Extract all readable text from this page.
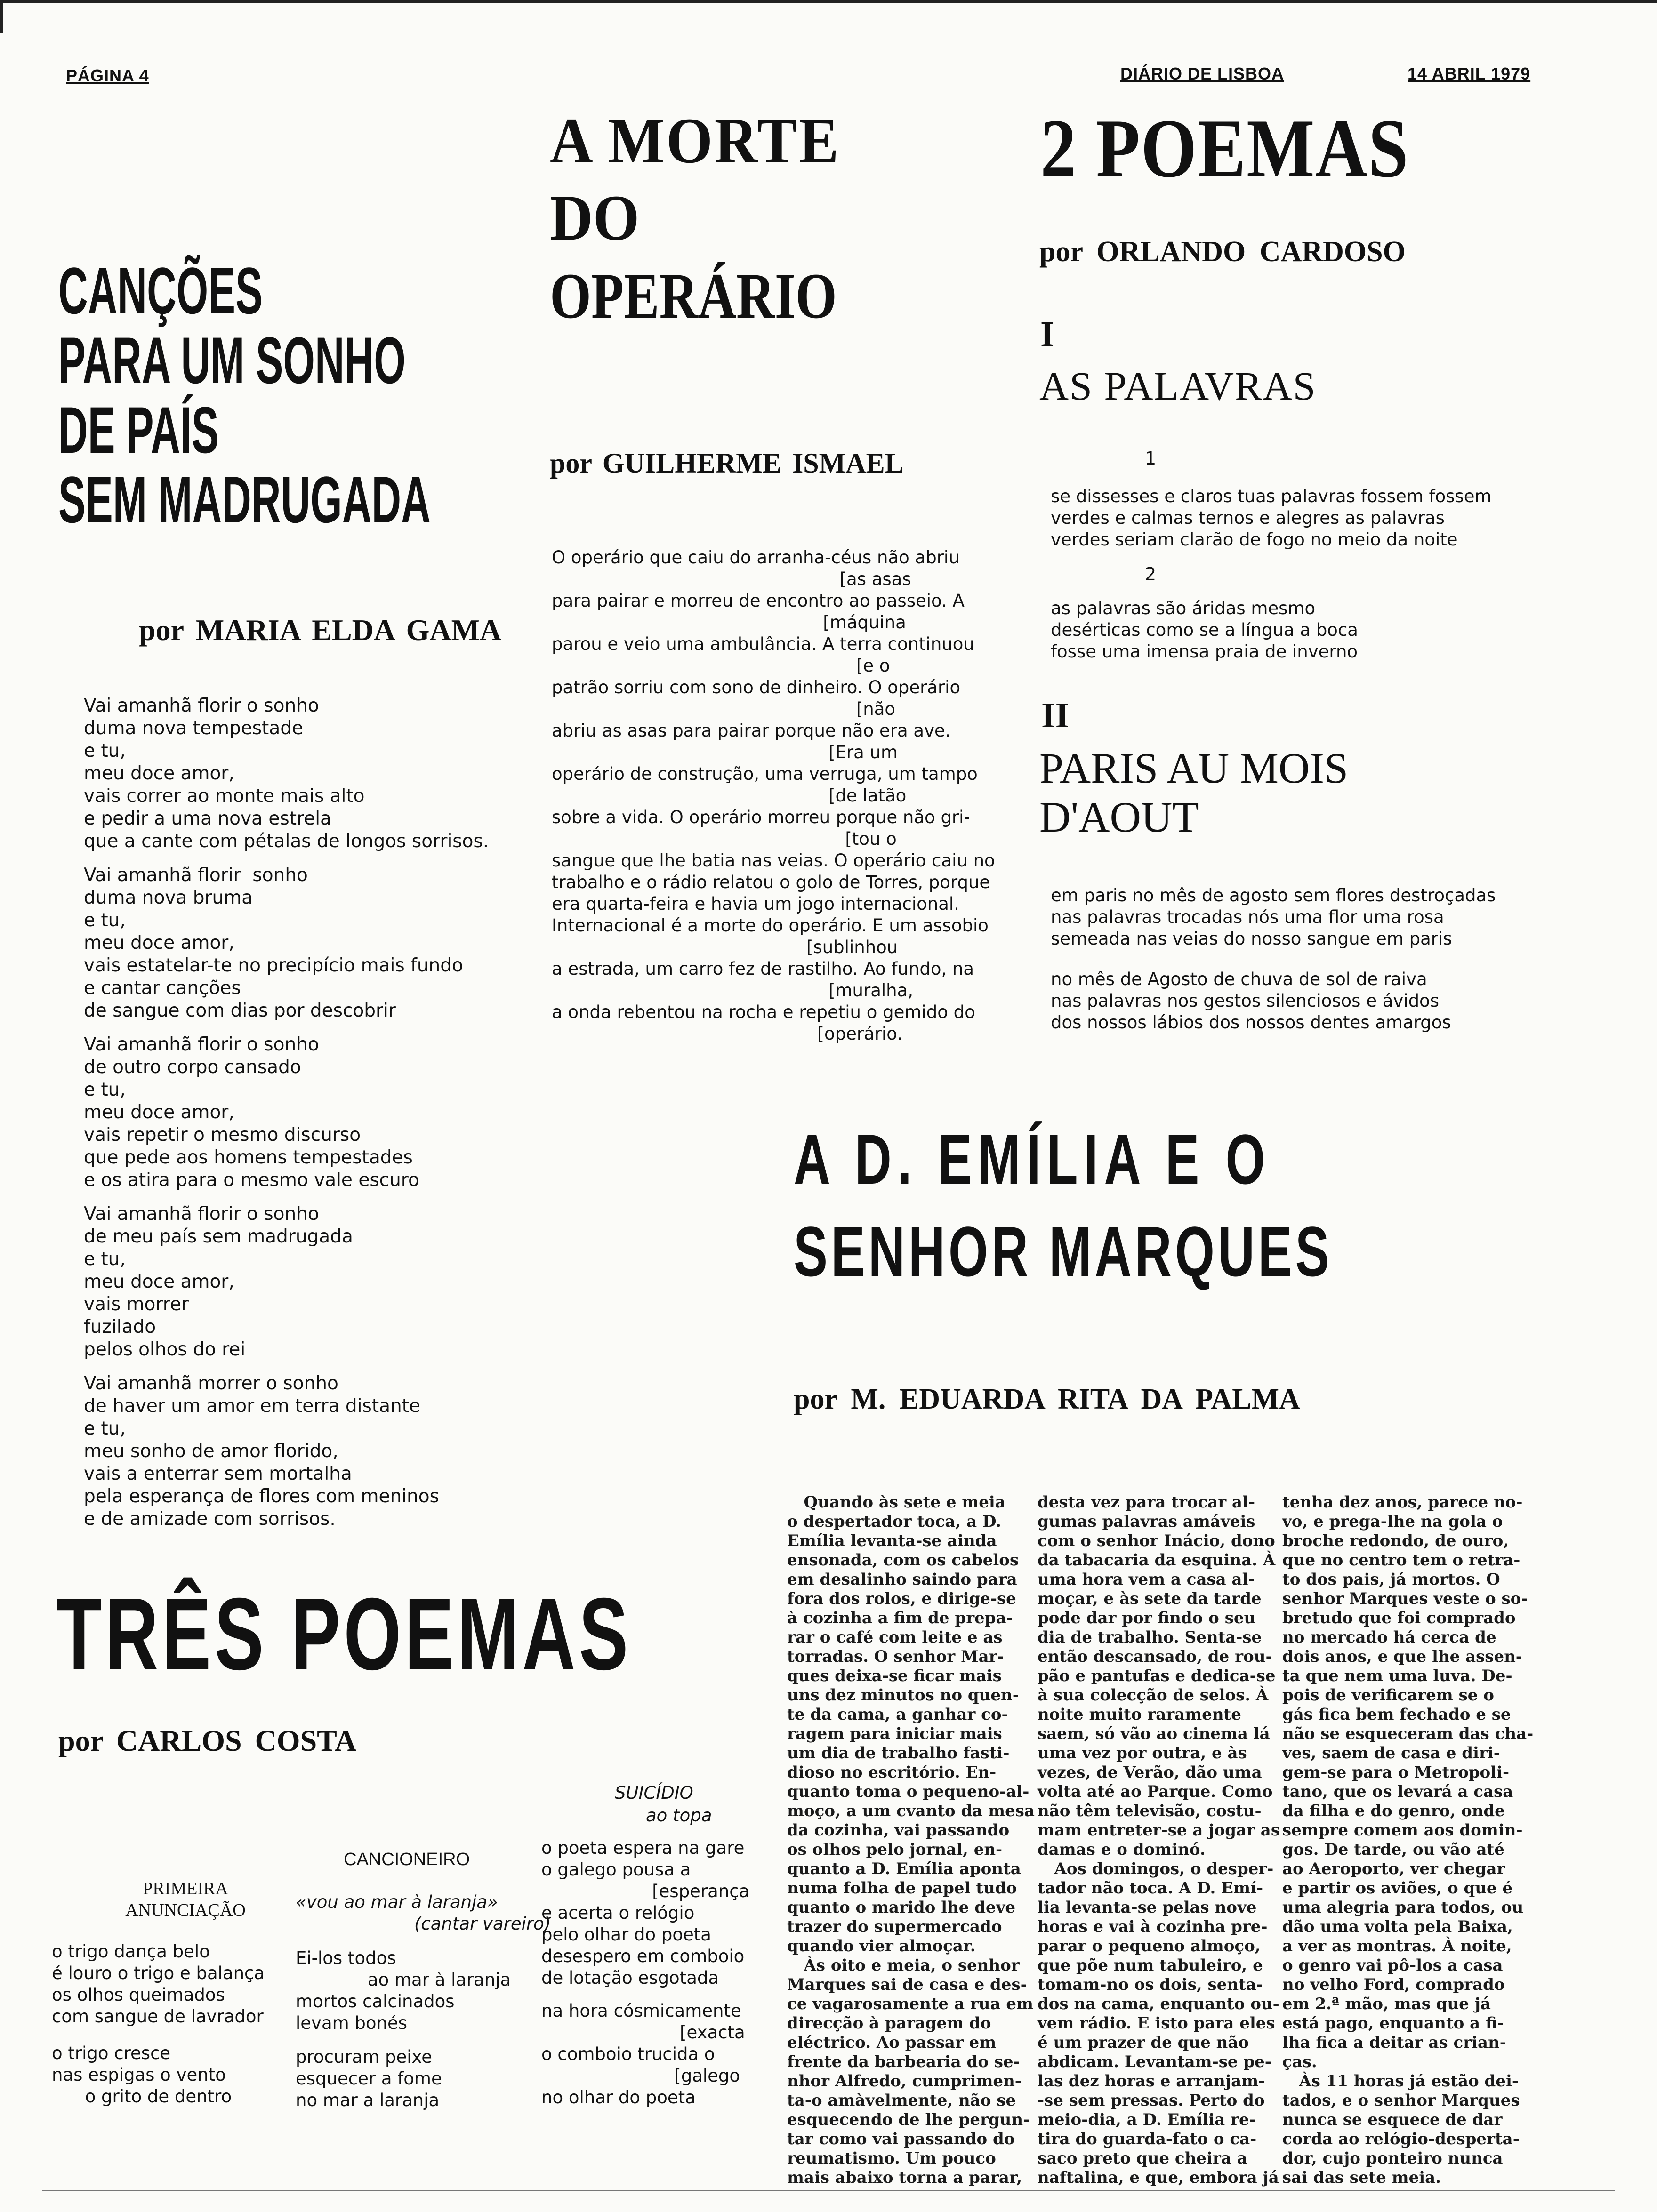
PÁGINA 4	DIÁRIO DE LISBOA	14 ABRIL 1979
CANÇÕES
PARA UM SONHO
DE PAÍS
SEM MADRUGADA
por MARIA ELDA GAMA
Vai amanhã florir o sonho
duma nova tempestade
e tu,
meu doce amor,
vais correr ao monte mais alto
e pedir a uma nova estrela
que a cante com pétalas de longos sorrisos.
Vai amanhã florir  sonho
duma nova bruma
e tu,
meu doce amor,
vais estatelar-te no precipício mais fundo
e cantar canções
de sangue com dias por descobrir
Vai amanhã florir o sonho
de outro corpo cansado
e tu,
meu doce amor,
vais repetir o mesmo discurso
que pede aos homens tempestades
e os atira para o mesmo vale escuro
Vai amanhã florir o sonho
de meu país sem madrugada
e tu,
meu doce amor,
vais morrer
fuzilado
pelos olhos do rei
Vai amanhã morrer o sonho
de haver um amor em terra distante
e tu,
meu sonho de amor florido,
vais a enterrar sem mortalha
pela esperança de flores com meninos
e de amizade com sorrisos.
A MORTE
DO
OPERÁRIO
por GUILHERME ISMAEL
O operário que caiu do arranha-céus não abriu
[as asas
para pairar e morreu de encontro ao passeio. A
[máquina
parou e veio uma ambulância. A terra continuou
[e o
patrão sorriu com sono de dinheiro. O operário
[não
abriu as asas para pairar porque não era ave.
[Era um
operário de construção, uma verruga, um tampo
[de latão
sobre a vida. O operário morreu porque não gri-
[tou o
sangue que lhe batia nas veias. O operário caiu no
trabalho e o rádio relatou o golo de Torres, porque
era quarta-feira e havia um jogo internacional.
Internacional é a morte do operário. E um assobio
[sublinhou
a estrada, um carro fez de rastilho. Ao fundo, na
[muralha,
a onda rebentou na rocha e repetiu o gemido do
[operário.
2 POEMAS
por ORLANDO CARDOSO
I
AS PALAVRAS
1
se dissesses e claros tuas palavras fossem fossem
verdes e calmas ternos e alegres as palavras
verdes seriam clarão de fogo no meio da noite
2
as palavras são áridas mesmo
desérticas como se a língua a boca
fosse uma imensa praia de inverno
II
PARIS AU MOIS
D'AOUT
em paris no mês de agosto sem flores destroçadas
nas palavras trocadas nós uma flor uma rosa
semeada nas veias do nosso sangue em paris
no mês de Agosto de chuva de sol de raiva
nas palavras nos gestos silenciosos e ávidos
dos nossos lábios dos nossos dentes amargos
A D. EMÍLIA E O
SENHOR MARQUES
por M. EDUARDA RITA DA PALMA
Quando às sete e meia
o despertador toca, a D.
Emília levanta-se ainda
ensonada, com os cabelos
em desalinho saindo para
fora dos rolos, e dirige-se
à cozinha a fim de prepa-
rar o café com leite e as
torradas. O senhor Mar-
ques deixa-se ficar mais
uns dez minutos no quen-
te da cama, a ganhar co-
ragem para iniciar mais
um dia de trabalho fasti-
dioso no escritório. En-
quanto toma o pequeno-al-
moço, a um cvanto da mesa
da cozinha, vai passando
os olhos pelo jornal, en-
quanto a D. Emília aponta
numa folha de papel tudo
quanto o marido lhe deve
trazer do supermercado
quando vier almoçar.
Às oito e meia, o senhor
Marques sai de casa e des-
ce vagarosamente a rua em
direcção à paragem do
eléctrico. Ao passar em
frente da barbearia do se-
nhor Alfredo, cumprimen-
ta-o amàvelmente, não se
esquecendo de lhe pergun-
tar como vai passando do
reumatismo. Um pouco
mais abaixo torna a parar,
desta vez para trocar al-
gumas palavras amáveis
com o senhor Inácio, dono
da tabacaria da esquina. À
uma hora vem a casa al-
moçar, e às sete da tarde
pode dar por findo o seu
dia de trabalho. Senta-se
então descansado, de rou-
pão e pantufas e dedica-se
à sua colecção de selos. À
noite muito raramente
saem, só vão ao cinema lá
uma vez por outra, e às
vezes, de Verão, dão uma
volta até ao Parque. Como
não têm televisão, costu-
mam entreter-se a jogar as
damas e o dominó.
Aos domingos, o desper-
tador não toca. A D. Emí-
lia levanta-se pelas nove
horas e vai à cozinha pre-
parar o pequeno almoço,
que põe num tabuleiro, e
tomam-no os dois, senta-
dos na cama, enquanto ou-
vem rádio. E isto para eles
é um prazer de que não
abdicam. Levantam-se pe-
las dez horas e arranjam-
-se sem pressas. Perto do
meio-dia, a D. Emília re-
tira do guarda-fato o ca-
saco preto que cheira a
naftalina, e que, embora já
tenha dez anos, parece no-
vo, e prega-lhe na gola o
broche redondo, de ouro,
que no centro tem o retra-
to dos pais, já mortos. O
senhor Marques veste o so-
bretudo que foi comprado
no mercado há cerca de
dois anos, e que lhe assen-
ta que nem uma luva. De-
pois de verificarem se o
gás fica bem fechado e se
não se esqueceram das cha-
ves, saem de casa e diri-
gem-se para o Metropoli-
tano, que os levará a casa
da filha e do genro, onde
sempre comem aos domin-
gos. De tarde, ou vão até
ao Aeroporto, ver chegar
e partir os aviões, o que é
uma alegria para todos, ou
dão uma volta pela Baixa,
a ver as montras. À noite,
o genro vai pô-los a casa
no velho Ford, comprado
em 2.ª mão, mas que já
está pago, enquanto a fi-
lha fica a deitar as crian-
ças.
Às 11 horas já estão dei-
tados, e o senhor Marques
nunca se esquece de dar
corda ao relógio-desperta-
dor, cujo ponteiro nunca
sai das sete meia.
TRÊS POEMAS
por CARLOS COSTA
PRIMEIRA
ANUNCIAÇÃO
o trigo dança belo
é louro o trigo e balança
os olhos queimados
com sangue de lavrador
o trigo cresce
nas espigas o vento
o grito de dentro
CANCIONEIRO
«vou ao mar à laranja»
(cantar vareiro)
Ei-los todos
ao mar à laranja
mortos calcinados
levam bonés
procuram peixe
esquecer a fome
no mar a laranja
SUICÍDIO
ao topa
o poeta espera na gare
o galego pousa a
[esperança
e acerta o relógio
pelo olhar do poeta
desespero em comboio
de lotação esgotada
na hora cósmicamente
[exacta
o comboio trucida o
[galego
no olhar do poeta
